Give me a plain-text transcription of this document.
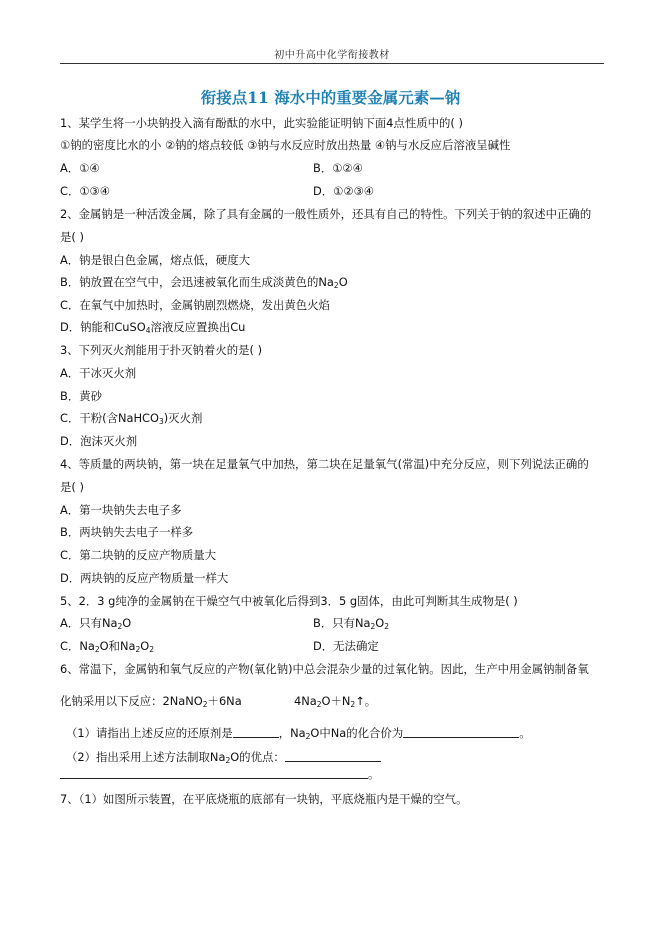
初中升高中化学衔接教材
衔接点11 海水中的重要金属元素—钠
1、某学生将一小块钠投入滴有酚酞的水中，此实验能证明钠下面4点性质中的( )
①钠的密度比水的小 ②钠的熔点较低 ③钠与水反应时放出热量 ④钠与水反应后溶液呈碱性
A．①④	B．①②④
C．①③④	D．①②③④
2、金属钠是一种活泼金属，除了具有金属的一般性质外，还具有自己的特性。下列关于钠的叙述中正确的
是( )
A．钠是银白色金属，熔点低，硬度大
B．钠放置在空气中，会迅速被氧化而生成淡黄色的$Na_2O$
C．在氧气中加热时，金属钠剧烈燃烧，发出黄色火焰
D．钠能和CuSO$_4$溶液反应置换出Cu
3、下列灭火剂能用于扑灭钠着火的是( )
A．干冰灭火剂
B．黄砂
C．干粉(含NaHCO$_3$)灭火剂
D．泡沫灭火剂
4、等质量的两块钠，第一块在足量氧气中加热，第二块在足量氧气(常温)中充分反应，则下列说法正确的
是( )
A．第一块钠失去电子多
B．两块钠失去电子一样多
C．第二块钠的反应产物质量大
D．两块钠的反应产物质量一样大
5、2．3 g纯净的金属钠在干燥空气中被氧化后得到3．5 g固体，由此可判断其生成物是( )
A．只有$Na_2O$	B．只有$Na_2O_2$
C．$Na_2O$和$Na_2O_2$	D．无法确定
6、常温下，金属钠和氧气反应的产物(氧化钠)中总会混杂少量的过氧化钠。因此，生产中用金属钠制备氧
化钠采用以下反应：2NaNO$_2$＋6Na	$4Na_2O+N_2↑$。
（1）请指出上述反应的还原剂是	，$Na_2O$中Na的化合价为	。
（2）指出采用上述方法制取$Na_2O$的优点：
。
7、（1）如图所示装置，在平底烧瓶的底部有一块钠，平底烧瓶内是干燥的空气。
